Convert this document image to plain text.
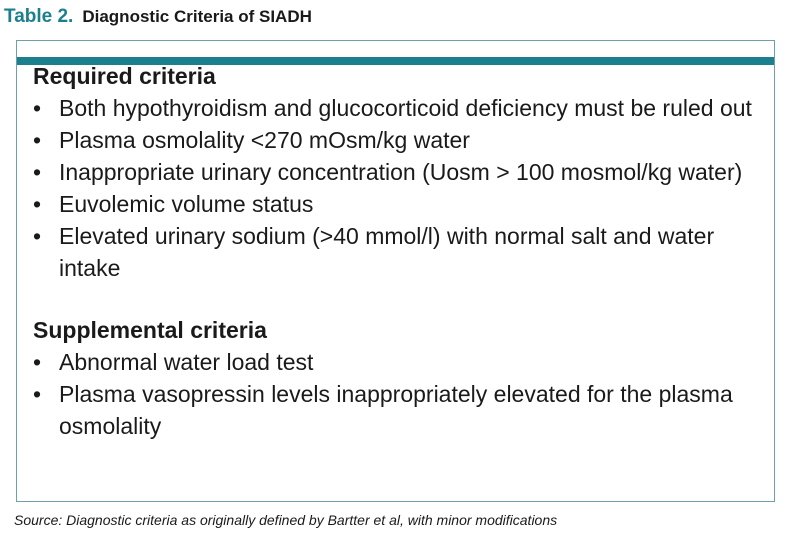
Table 2. Diagnostic Criteria of SIADH
Required criteria
• Both hypothyroidism and glucocorticoid deficiency must be ruled out
• Plasma osmolality <270 mOsm/kg water
• Inappropriate urinary concentration (Uosm > 100 mosmol/kg water)
• Euvolemic volume status
• Elevated urinary sodium (>40 mmol/l) with normal salt and water intake
Supplemental criteria
• Abnormal water load test
• Plasma vasopressin levels inappropriately elevated for the plasma osmolality
Source: Diagnostic criteria as originally defined by Bartter et al, with minor modifications
